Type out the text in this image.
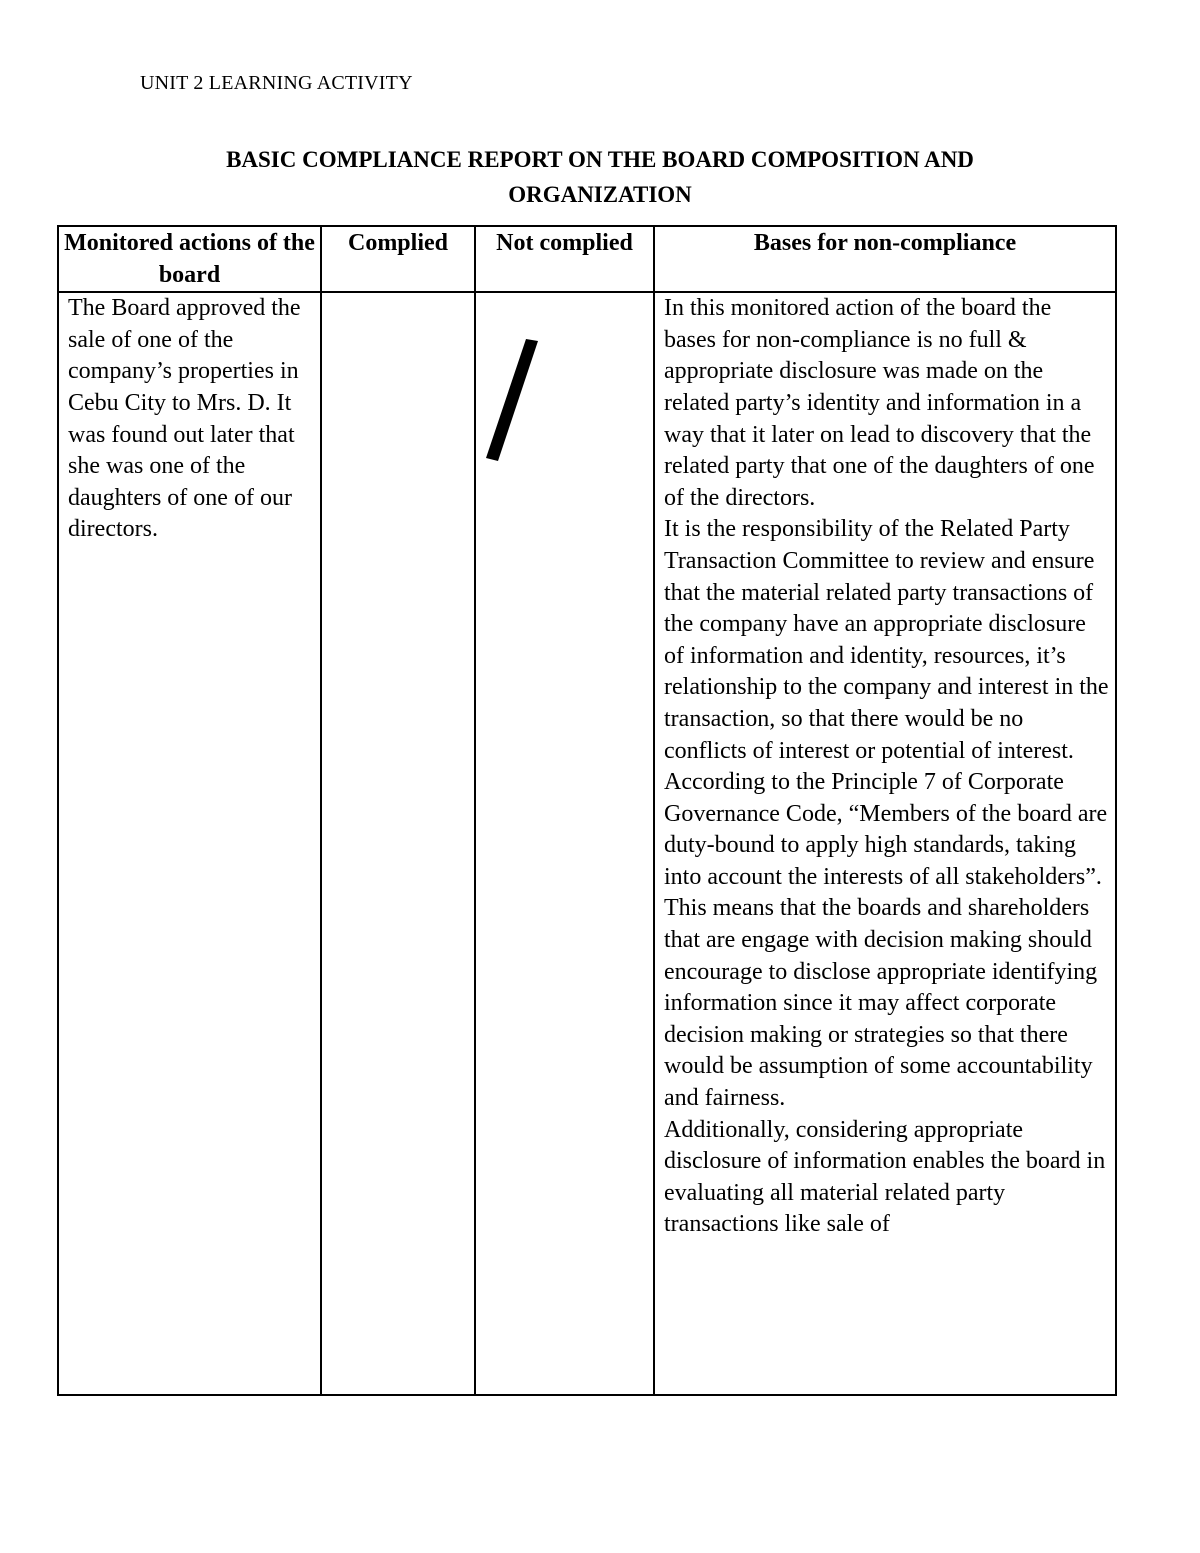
UNIT 2 LEARNING ACTIVITY
BASIC COMPLIANCE REPORT ON THE BOARD COMPOSITION AND
ORGANIZATION
Monitored actions of the board	Complied	Not complied	Bases for non-compliance

The Board approved the sale of one of the company’s properties in Cebu City to Mrs. D. It was found out later that she was one of the daughters of one of our directors.			In this monitored action of the board the bases for non-compliance is no full & appropriate disclosure was made on the related party’s identity and information in a way that it later on lead to discovery that the related party that one of the daughters of one of the directors.
It is the responsibility of the Related Party Transaction Committee to review and ensure that the material related party transactions of the company have an appropriate disclosure of information and identity, resources, it’s relationship to the company and interest in the transaction, so that there would be no conflicts of interest or potential of interest.
According to the Principle 7 of Corporate Governance Code, “Members of the board are duty-bound to apply high standards, taking into account the interests of all stakeholders”. This means that the boards and shareholders that are engage with decision making should encourage to disclose appropriate identifying information since it may affect corporate decision making or strategies so that there would be assumption of some accountability and fairness.
Additionally, considering appropriate disclosure of information enables the board in evaluating all material related party transactions like sale of
